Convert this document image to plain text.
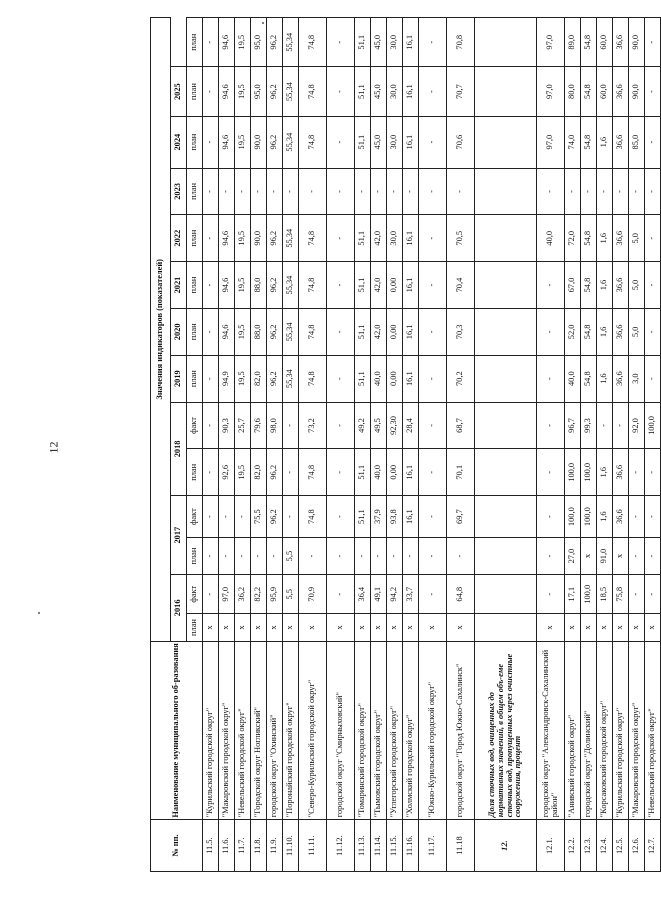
12
№ пп.	Наименование муниципального об-разования	Значения индикаторов (показателей)													
		2016		2017		2018		2019	2020	2021	2022	2023	2024	2025	
		план	факт	план	факт	план	факт	план	план	план	план	план	план	план	план
11.5.	"Курильский городской округ"	x	-	-	-	-	-	-	-	-	-	-	-	-	-
11.6.	"Макаровский городской округ"	x	97,0	-	-	92,6	90,3	94,9	94,6	94,6	94,6	-	94,6	94,6	94,6
11.7.	"Невельский городской округ"	x	36,2	-	-	19,5	25,7	19,5	19,5	19,5	19,5	-	19,5	19,5	19,5
11.8.	"Городской округ Ногликский"	x	82,2	-	75,5	82,0	79,6	82,0	88,0	88,0	90,0	-	90,0	95,0	95,0
11.9.	городской округ "Охинский"	x	95,9	-	96,2	96,2	98,0	96,2	96,2	96,2	96,2	-	96,2	96,2	96,2
11.10.	"Поронайский городской округ"	x	5,5	5,5	-	-	-	55,34	55,34	55,34	55,34	-	55,34	55,34	55,34
11.11.	"Северо-Курильский городской округ"	x	70,9	-	74,8	74,8	73,2	74,8	74,8	74,8	74,8	-	74,8	74,8	74,8
11.12.	городской округ "Смирныховский"	x	-	-	-	-	-	-	-	-	-	-	-	-	-
11.13.	"Томаринский городской округ"	x	36,4	-	51,1	51,1	49,2	51,1	51,1	51,1	51,1	-	51,1	51,1	51,1
11.14.	"Тымовский городской округ"	x	49,1	-	37,9	40,0	49,5	40,0	42,0	42,0	42,0	-	45,0	45,0	45,0
11.15.	"Углегорский городской округ"	x	94,2	-	93,8	0,00	92,30	0,00	0,00	0,00	30,0	-	30,0	30,0	30,0
11.16.	"Холмский городской округ"	x	33,7	-	16,1	16,1	28,4	16,1	16,1	16,1	16,1	-	16,1	16,1	16,1
11.17.	"Южно-Курильский городской округ"	x	-	-	-	-	-	-	-	-	-	-	-	-	-
11.18	городской округ "Город Южно-Сахалинск"	x	64,8	-	69,7	70,1	68,7	70,2	70,3	70,4	70,5	-	70,6	70,7	70,8
12.	Доля сточных вод, очищенных до нормативных значений, в общем объ-еме сточных вод, пропущенных через очистные сооружения, процент														
12.1.	городской округ "Александровск-Сахалинский район"	x	-	-	-	-	-	-	-	-	40,0	-	97,0	97,0	97,0
12.2.	"Анивский городской округ"	x	17,1	27,0	100,0	100,0	96,7	40,0	52,0	67,0	72,0	-	74,0	80,0	89,0
12.3.	городской округ "Долинский"	x	100,0	x	100,0	100,0	99,3	54,8	54,8	54,8	54,8	-	54,8	54,8	54,8
12.4.	"Корсаковский городской округ"	x	18,5	91,0	1,6	1,6	-	1,6	1,6	1,6	1,6	-	1,6	60,0	60,0
12.5.	"Курильский городской округ"	x	75,8	x	36,6	36,6	-	36,6	36,6	36,6	36,6	-	36,6	36,6	36,6
12.6.	"Макаровский городской округ"	x	-	-	-	-	92,0	3,0	5,0	5,0	5,0	-	85,0	90,0	90,0
12.7.	"Невельский городской округ"	x	-	-	-	-	100,0	-	-	-	-	-	-	-	-
